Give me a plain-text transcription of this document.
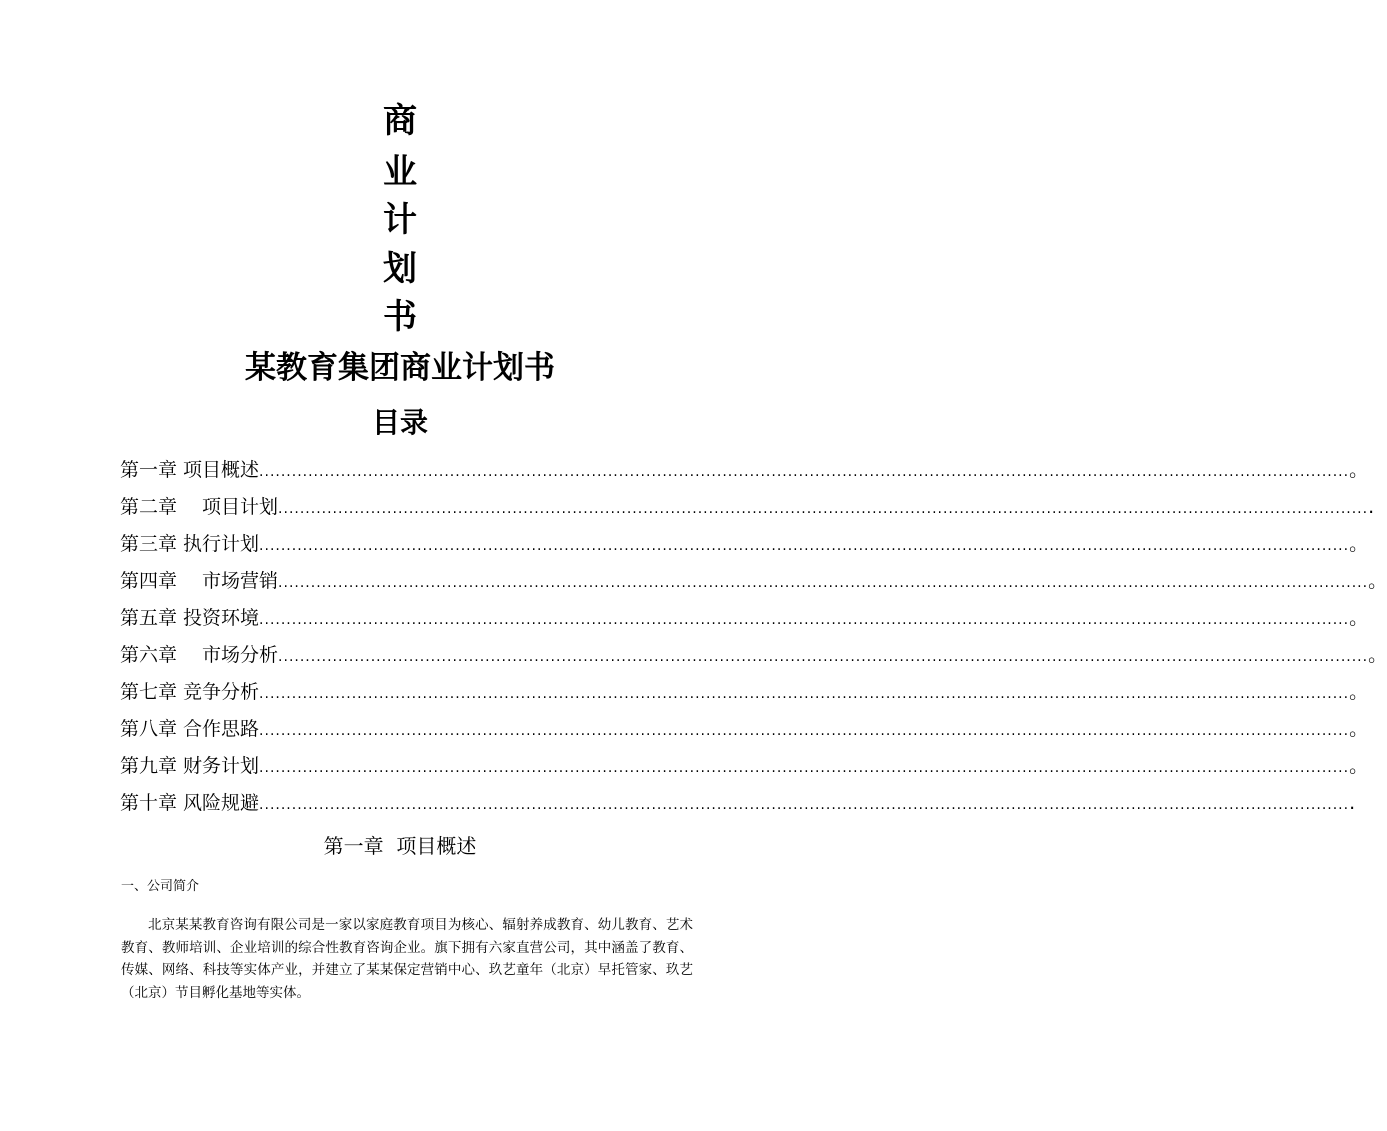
商
业
计
划
书
某教育集团商业计划书
目录
第一章 项目概述 ........................................................................................................................................................................................................ 。
第二章　 项目计划 ........................................................................................................................................................................................................ .
第三章 执行计划 ........................................................................................................................................................................................................ 。
第四章　 市场营销 ........................................................................................................................................................................................................ 。
第五章 投资环境 ........................................................................................................................................................................................................ 。
第六章　 市场分析 ........................................................................................................................................................................................................ 。
第七章 竞争分析 ........................................................................................................................................................................................................ 。
第八章 合作思路 ........................................................................................................................................................................................................ 。
第九章 财务计划 ........................................................................................................................................................................................................ 。
第十章 风险规避 ........................................................................................................................................................................................................ .
第一章  项目概述
一、公司简介

北京某某教育咨询有限公司是一家以家庭教育项目为核心、辐射养成教育、幼儿教育、艺术教育、教师培训、企业培训的综合性教育咨询企业。旗下拥有六家直营公司，其中涵盖了教育、传媒、网络、科技等实体产业，并建立了某某保定营销中心、玖艺童年（北京）早托管家、玖艺（北京）节目孵化基地等实体。
